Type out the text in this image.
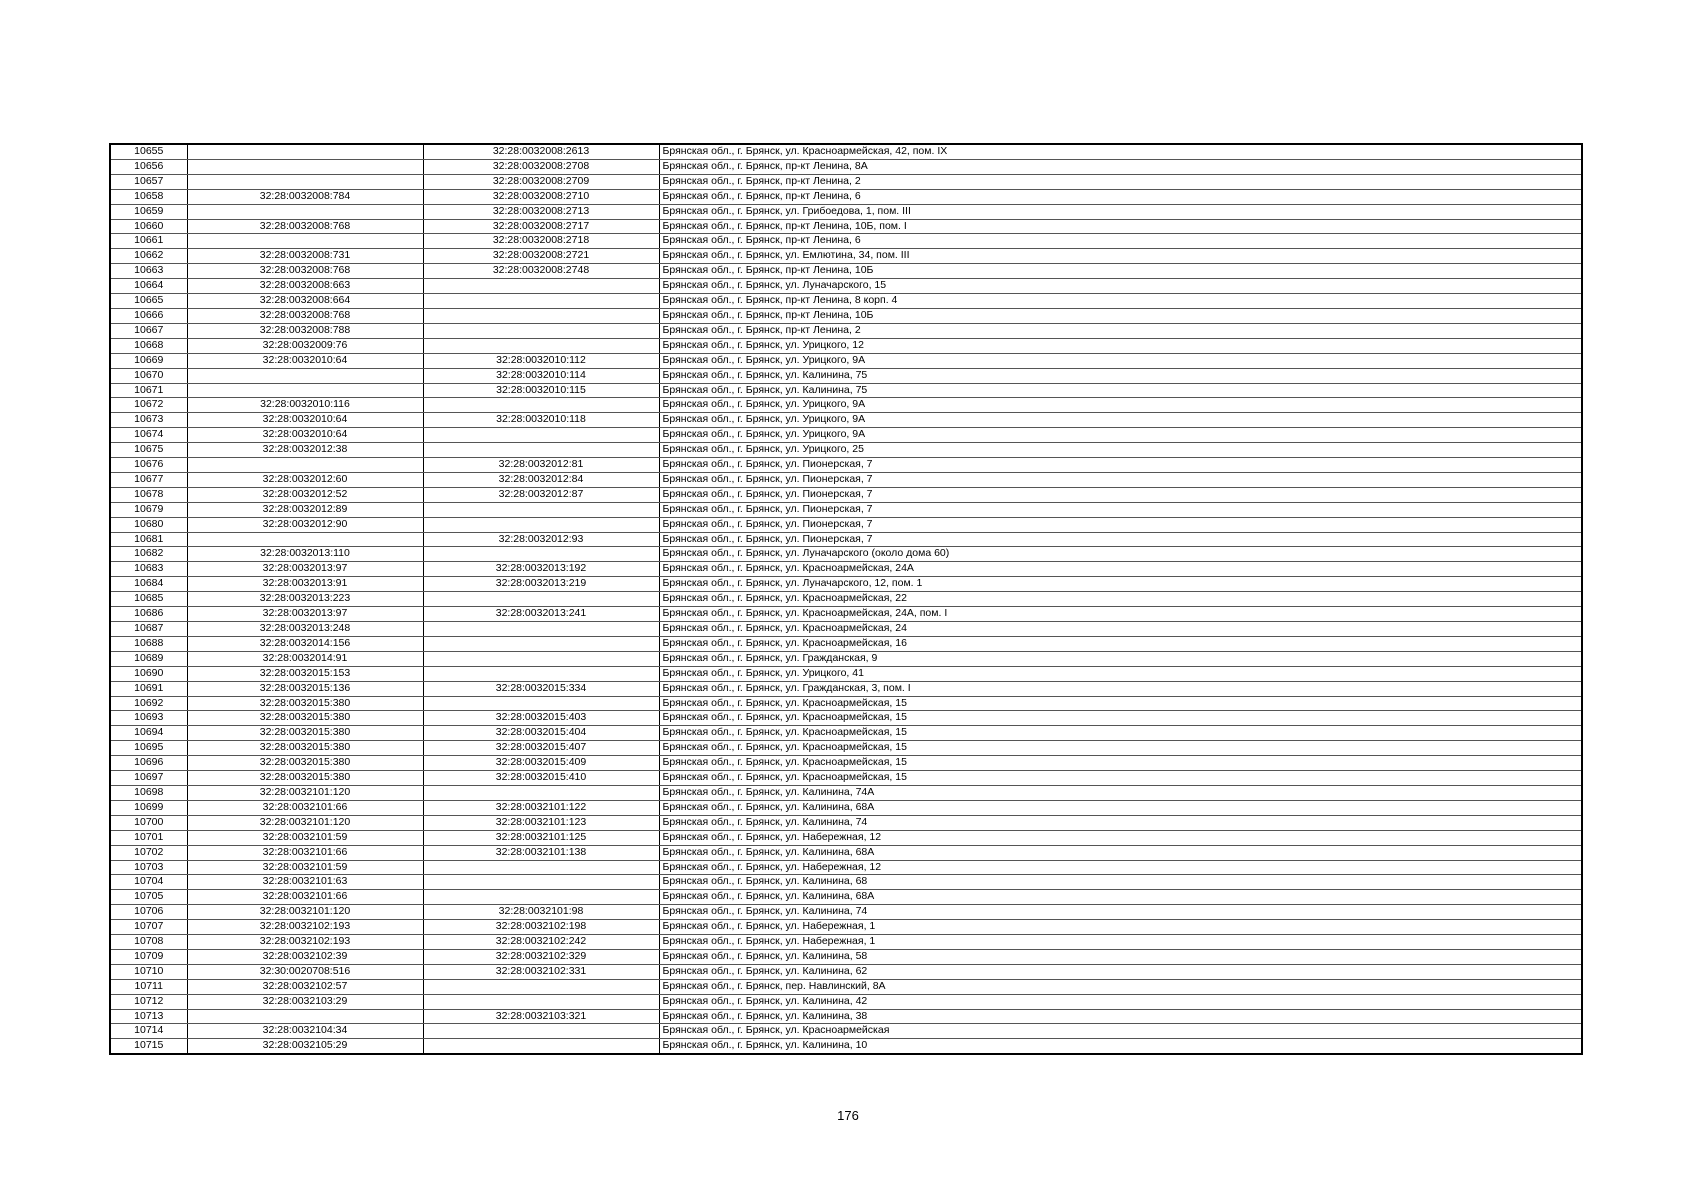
10655		32:28:0032008:2613	Брянская обл., г. Брянск, ул. Красноармейская, 42, пом. IX
10656		32:28:0032008:2708	Брянская обл., г. Брянск, пр-кт Ленина, 8А
10657		32:28:0032008:2709	Брянская обл., г. Брянск, пр-кт Ленина, 2
10658	32:28:0032008:784	32:28:0032008:2710	Брянская обл., г. Брянск, пр-кт Ленина, 6
10659		32:28:0032008:2713	Брянская обл., г. Брянск, ул. Грибоедова, 1, пом. III
10660	32:28:0032008:768	32:28:0032008:2717	Брянская обл., г. Брянск, пр-кт Ленина, 10Б, пом. I
10661		32:28:0032008:2718	Брянская обл., г. Брянск, пр-кт Ленина, 6
10662	32:28:0032008:731	32:28:0032008:2721	Брянская обл., г. Брянск, ул. Емлютина, 34, пом. III
10663	32:28:0032008:768	32:28:0032008:2748	Брянская обл., г. Брянск, пр-кт Ленина, 10Б
10664	32:28:0032008:663		Брянская обл., г. Брянск, ул. Луначарского, 15
10665	32:28:0032008:664		Брянская обл., г. Брянск, пр-кт Ленина, 8 корп. 4
10666	32:28:0032008:768		Брянская обл., г. Брянск, пр-кт Ленина, 10Б
10667	32:28:0032008:788		Брянская обл., г. Брянск, пр-кт Ленина, 2
10668	32:28:0032009:76		Брянская обл., г. Брянск, ул. Урицкого, 12
10669	32:28:0032010:64	32:28:0032010:112	Брянская обл., г. Брянск, ул. Урицкого, 9А
10670		32:28:0032010:114	Брянская обл., г. Брянск, ул. Калинина, 75
10671		32:28:0032010:115	Брянская обл., г. Брянск, ул. Калинина, 75
10672	32:28:0032010:116		Брянская обл., г. Брянск, ул. Урицкого, 9А
10673	32:28:0032010:64	32:28:0032010:118	Брянская обл., г. Брянск, ул. Урицкого, 9А
10674	32:28:0032010:64		Брянская обл., г. Брянск, ул. Урицкого, 9А
10675	32:28:0032012:38		Брянская обл., г. Брянск, ул. Урицкого, 25
10676		32:28:0032012:81	Брянская обл., г. Брянск, ул. Пионерская, 7
10677	32:28:0032012:60	32:28:0032012:84	Брянская обл., г. Брянск, ул. Пионерская, 7
10678	32:28:0032012:52	32:28:0032012:87	Брянская обл., г. Брянск, ул. Пионерская, 7
10679	32:28:0032012:89		Брянская обл., г. Брянск, ул. Пионерская, 7
10680	32:28:0032012:90		Брянская обл., г. Брянск, ул. Пионерская, 7
10681		32:28:0032012:93	Брянская обл., г. Брянск, ул. Пионерская, 7
10682	32:28:0032013:110		Брянская обл., г. Брянск, ул. Луначарского (около дома 60)
10683	32:28:0032013:97	32:28:0032013:192	Брянская обл., г. Брянск, ул. Красноармейская, 24А
10684	32:28:0032013:91	32:28:0032013:219	Брянская обл., г. Брянск, ул. Луначарского, 12, пом. 1
10685	32:28:0032013:223		Брянская обл., г. Брянск, ул. Красноармейская, 22
10686	32:28:0032013:97	32:28:0032013:241	Брянская обл., г. Брянск, ул. Красноармейская, 24А, пом. I
10687	32:28:0032013:248		Брянская обл., г. Брянск, ул. Красноармейская, 24
10688	32:28:0032014:156		Брянская обл., г. Брянск, ул. Красноармейская, 16
10689	32:28:0032014:91		Брянская обл., г. Брянск, ул. Гражданская, 9
10690	32:28:0032015:153		Брянская обл., г. Брянск, ул. Урицкого, 41
10691	32:28:0032015:136	32:28:0032015:334	Брянская обл., г. Брянск, ул. Гражданская, 3, пом. I
10692	32:28:0032015:380		Брянская обл., г. Брянск, ул. Красноармейская, 15
10693	32:28:0032015:380	32:28:0032015:403	Брянская обл., г. Брянск, ул. Красноармейская, 15
10694	32:28:0032015:380	32:28:0032015:404	Брянская обл., г. Брянск, ул. Красноармейская, 15
10695	32:28:0032015:380	32:28:0032015:407	Брянская обл., г. Брянск, ул. Красноармейская, 15
10696	32:28:0032015:380	32:28:0032015:409	Брянская обл., г. Брянск, ул. Красноармейская, 15
10697	32:28:0032015:380	32:28:0032015:410	Брянская обл., г. Брянск, ул. Красноармейская, 15
10698	32:28:0032101:120		Брянская обл., г. Брянск, ул. Калинина, 74А
10699	32:28:0032101:66	32:28:0032101:122	Брянская обл., г. Брянск, ул. Калинина, 68А
10700	32:28:0032101:120	32:28:0032101:123	Брянская обл., г. Брянск, ул. Калинина, 74
10701	32:28:0032101:59	32:28:0032101:125	Брянская обл., г. Брянск, ул. Набережная, 12
10702	32:28:0032101:66	32:28:0032101:138	Брянская обл., г. Брянск, ул. Калинина, 68А
10703	32:28:0032101:59		Брянская обл., г. Брянск, ул. Набережная, 12
10704	32:28:0032101:63		Брянская обл., г. Брянск, ул. Калинина, 68
10705	32:28:0032101:66		Брянская обл., г. Брянск, ул. Калинина, 68А
10706	32:28:0032101:120	32:28:0032101:98	Брянская обл., г. Брянск, ул. Калинина, 74
10707	32:28:0032102:193	32:28:0032102:198	Брянская обл., г. Брянск, ул. Набережная, 1
10708	32:28:0032102:193	32:28:0032102:242	Брянская обл., г. Брянск, ул. Набережная, 1
10709	32:28:0032102:39	32:28:0032102:329	Брянская обл., г. Брянск, ул. Калинина, 58
10710	32:30:0020708:516	32:28:0032102:331	Брянская обл., г. Брянск, ул. Калинина, 62
10711	32:28:0032102:57		Брянская обл., г. Брянск, пер. Навлинский, 8А
10712	32:28:0032103:29		Брянская обл., г. Брянск, ул. Калинина, 42
10713		32:28:0032103:321	Брянская обл., г. Брянск, ул. Калинина, 38
10714	32:28:0032104:34		Брянская обл., г. Брянск, ул. Красноармейская
10715	32:28:0032105:29		Брянская обл., г. Брянск, ул. Калинина, 10
176
